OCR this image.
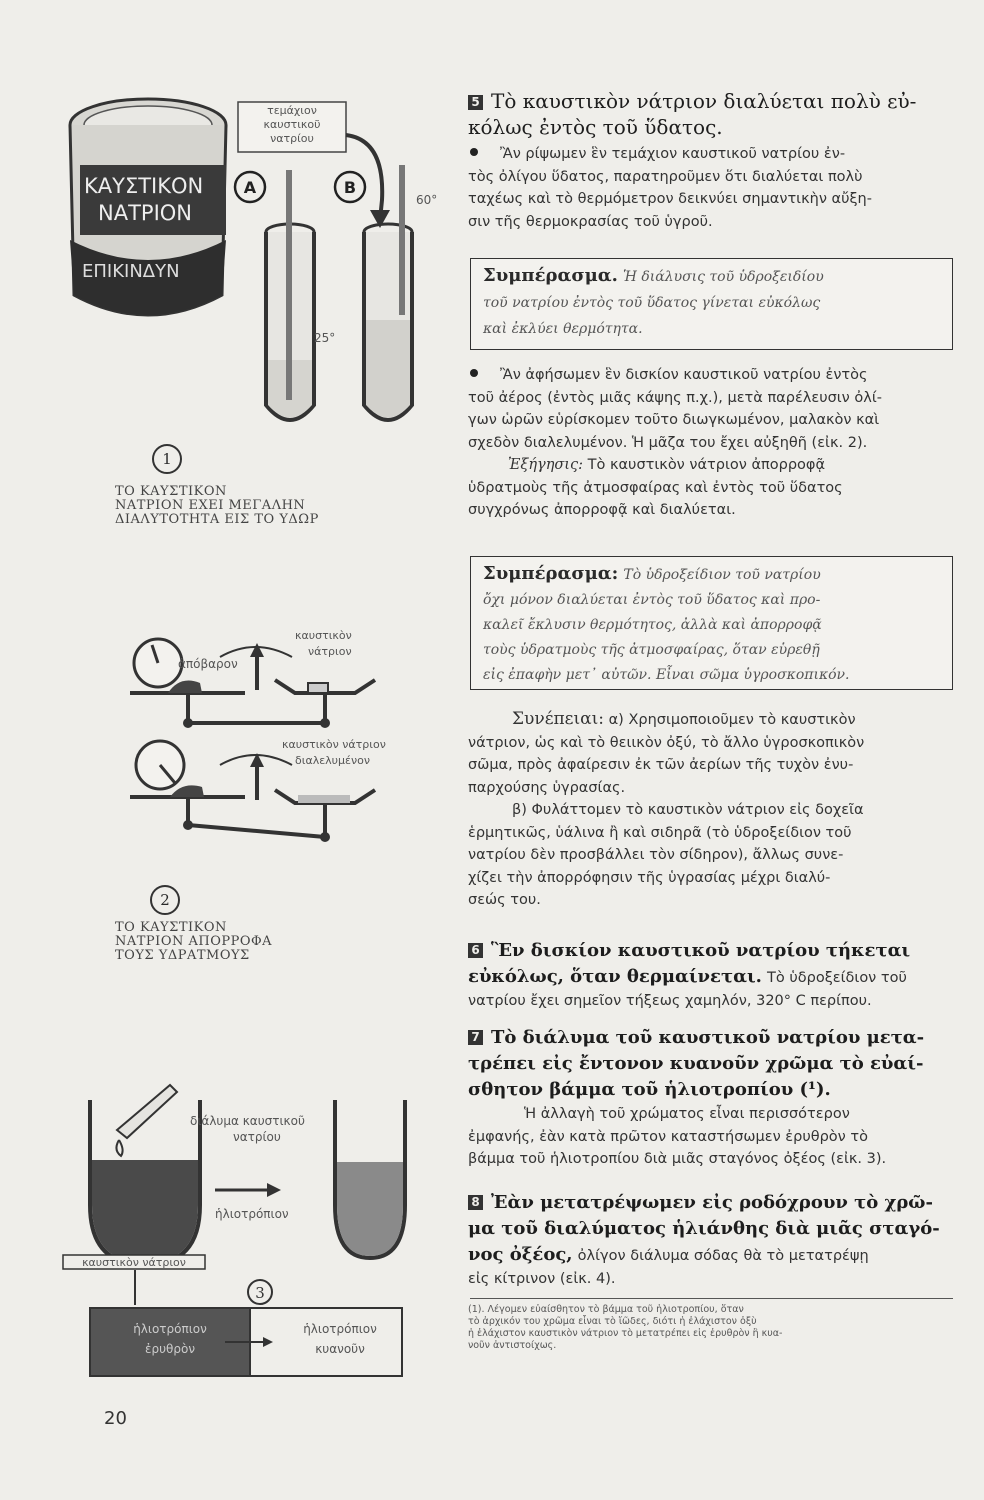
ΚΑΥΣΤΙΚΟΝ
ΝΑΤΡΙΟΝ
ΕΠΙΚΙΝΔΥΝ
τεμάχιον
καυστικοῦ
νατρίου
A	B
25°
60°
1
ΤΟ ΚΑΥΣΤΙΚΟΝ
ΝΑΤΡΙΟΝ ΕΧΕΙ ΜΕΓΑΛΗΝ
ΔΙΑΛΥΤΟΤΗΤΑ ΕΙΣ ΤΟ ΥΔΩΡ
ἀπόβαρον
καυστικὸν
νάτριον
καυστικὸν νάτριον
διαλελυμένον
2
ΤΟ ΚΑΥΣΤΙΚΟΝ
ΝΑΤΡΙΟΝ ΑΠΟΡΡΟΦΑ
ΤΟΥΣ ΥΔΡΑΤΜΟΥΣ
διάλυμα καυστικοῦ
νατρίου
ἡλιοτρόπιον
καυστικὸν νάτριον
3
ἡλιοτρόπιον
ἐρυθρὸν
ἡλιοτρόπιον
κυανοῦν
20
5 Τὸ καυστικὸν νάτριον διαλύεται πολὺ εὐ-
κόλως ἐντὸς τοῦ ὕδατος.
Ἂν ρίψωμεν ἓν τεμάχιον καυστικοῦ νατρίου ἐν-
τὸς ὀλίγου ὕδατος, παρατηροῦμεν ὅτι διαλύεται πολὺ
ταχέως καὶ τὸ θερμόμετρον δεικνύει σημαντικὴν αὔξη-
σιν τῆς θερμοκρασίας τοῦ ὑγροῦ.
Συμπέρασμα. Ἡ διάλυσις τοῦ ὑδροξειδίου
τοῦ νατρίου ἐντὸς τοῦ ὕδατος γίνεται εὐκόλως
καὶ ἐκλύει θερμότητα.
Ἂν ἀφήσωμεν ἓν δισκίον καυστικοῦ νατρίου ἐντὸς
τοῦ ἀέρος (ἐντὸς μιᾶς κάψης π.χ.), μετὰ παρέλευσιν ὀλί-
γων ὡρῶν εὑρίσκομεν τοῦτο διωγκωμένον, μαλακὸν καὶ
σχεδὸν διαλελυμένον. Ἡ μᾶζα του ἔχει αὐξηθῆ (εἰκ. 2).
Ἐξήγησις: Τὸ καυστικὸν νάτριον ἀπορροφᾷ
ὑδρατμοὺς τῆς ἀτμοσφαίρας καὶ ἐντὸς τοῦ ὕδατος
συγχρόνως ἀπορροφᾷ καὶ διαλύεται.
Συμπέρασμα: Τὸ ὑδροξείδιον τοῦ νατρίου
ὄχι μόνον διαλύεται ἐντὸς τοῦ ὕδατος καὶ προ-
καλεῖ ἔκλυσιν θερμότητος, ἀλλὰ καὶ ἀπορροφᾷ
τοὺς ὑδρατμοὺς τῆς ἀτμοσφαίρας, ὅταν εὑρεθῇ
εἰς ἐπαφὴν μετ᾽ αὐτῶν. Εἶναι σῶμα ὑγροσκοπικόν.
Συνέπειαι: α) Χρησιμοποιοῦμεν τὸ καυστικὸν
νάτριον, ὡς καὶ τὸ θειικὸν ὀξύ, τὸ ἄλλο ὑγροσκοπικὸν
σῶμα, πρὸς ἀφαίρεσιν ἐκ τῶν ἀερίων τῆς τυχὸν ἐνυ-
παρχούσης ὑγρασίας.
β) Φυλάττομεν τὸ καυστικὸν νάτριον εἰς δοχεῖα
ἑρμητικῶς, ὑάλινα ἢ καὶ σιδηρᾶ (τὸ ὑδροξείδιον τοῦ
νατρίου δὲν προσβάλλει τὸν σίδηρον), ἄλλως συνε-
χίζει τὴν ἀπορρόφησιν τῆς ὑγρασίας μέχρι διαλύ-
σεώς του.
6 Ἓν δισκίον καυστικοῦ νατρίου τήκεται
εὐκόλως, ὅταν θερμαίνεται. Τὸ ὑδροξείδιον τοῦ
νατρίου ἔχει σημεῖον τήξεως χαμηλόν, 320° C περίπου.
7 Τὸ διάλυμα τοῦ καυστικοῦ νατρίου μετα-
τρέπει εἰς ἔντονον κυανοῦν χρῶμα τὸ εὐαί-
σθητον βάμμα τοῦ ἡλιοτροπίου (¹).
Ἡ ἀλλαγὴ τοῦ χρώματος εἶναι περισσότερον
ἐμφανής, ἐὰν κατὰ πρῶτον καταστήσωμεν ἐρυθρὸν τὸ
βάμμα τοῦ ἡλιοτροπίου διὰ μιᾶς σταγόνος ὀξέος (εἰκ. 3).
8 Ἐὰν μετατρέψωμεν εἰς ροδόχρουν τὸ χρῶ-
μα τοῦ διαλύματος ἡλιάνθης διὰ μιᾶς σταγό-
νος ὀξέος, ὀλίγον διάλυμα σόδας θὰ τὸ μετατρέψῃ
εἰς κίτρινον (εἰκ. 4).
(1). Λέγομεν εὐαίσθητον τὸ βάμμα τοῦ ἡλιοτροπίου, ὅταν
τὸ ἀρχικόν του χρῶμα εἶναι τὸ ἴῶδες, διότι ἡ ἐλάχιστον ὀξὺ
ἡ ἐλάχιστον καυστικὸν νάτριον τὸ μετατρέπει εἰς ἐρυθρὸν ἢ κυα-
νοῦν ἀντιστοίχως.
